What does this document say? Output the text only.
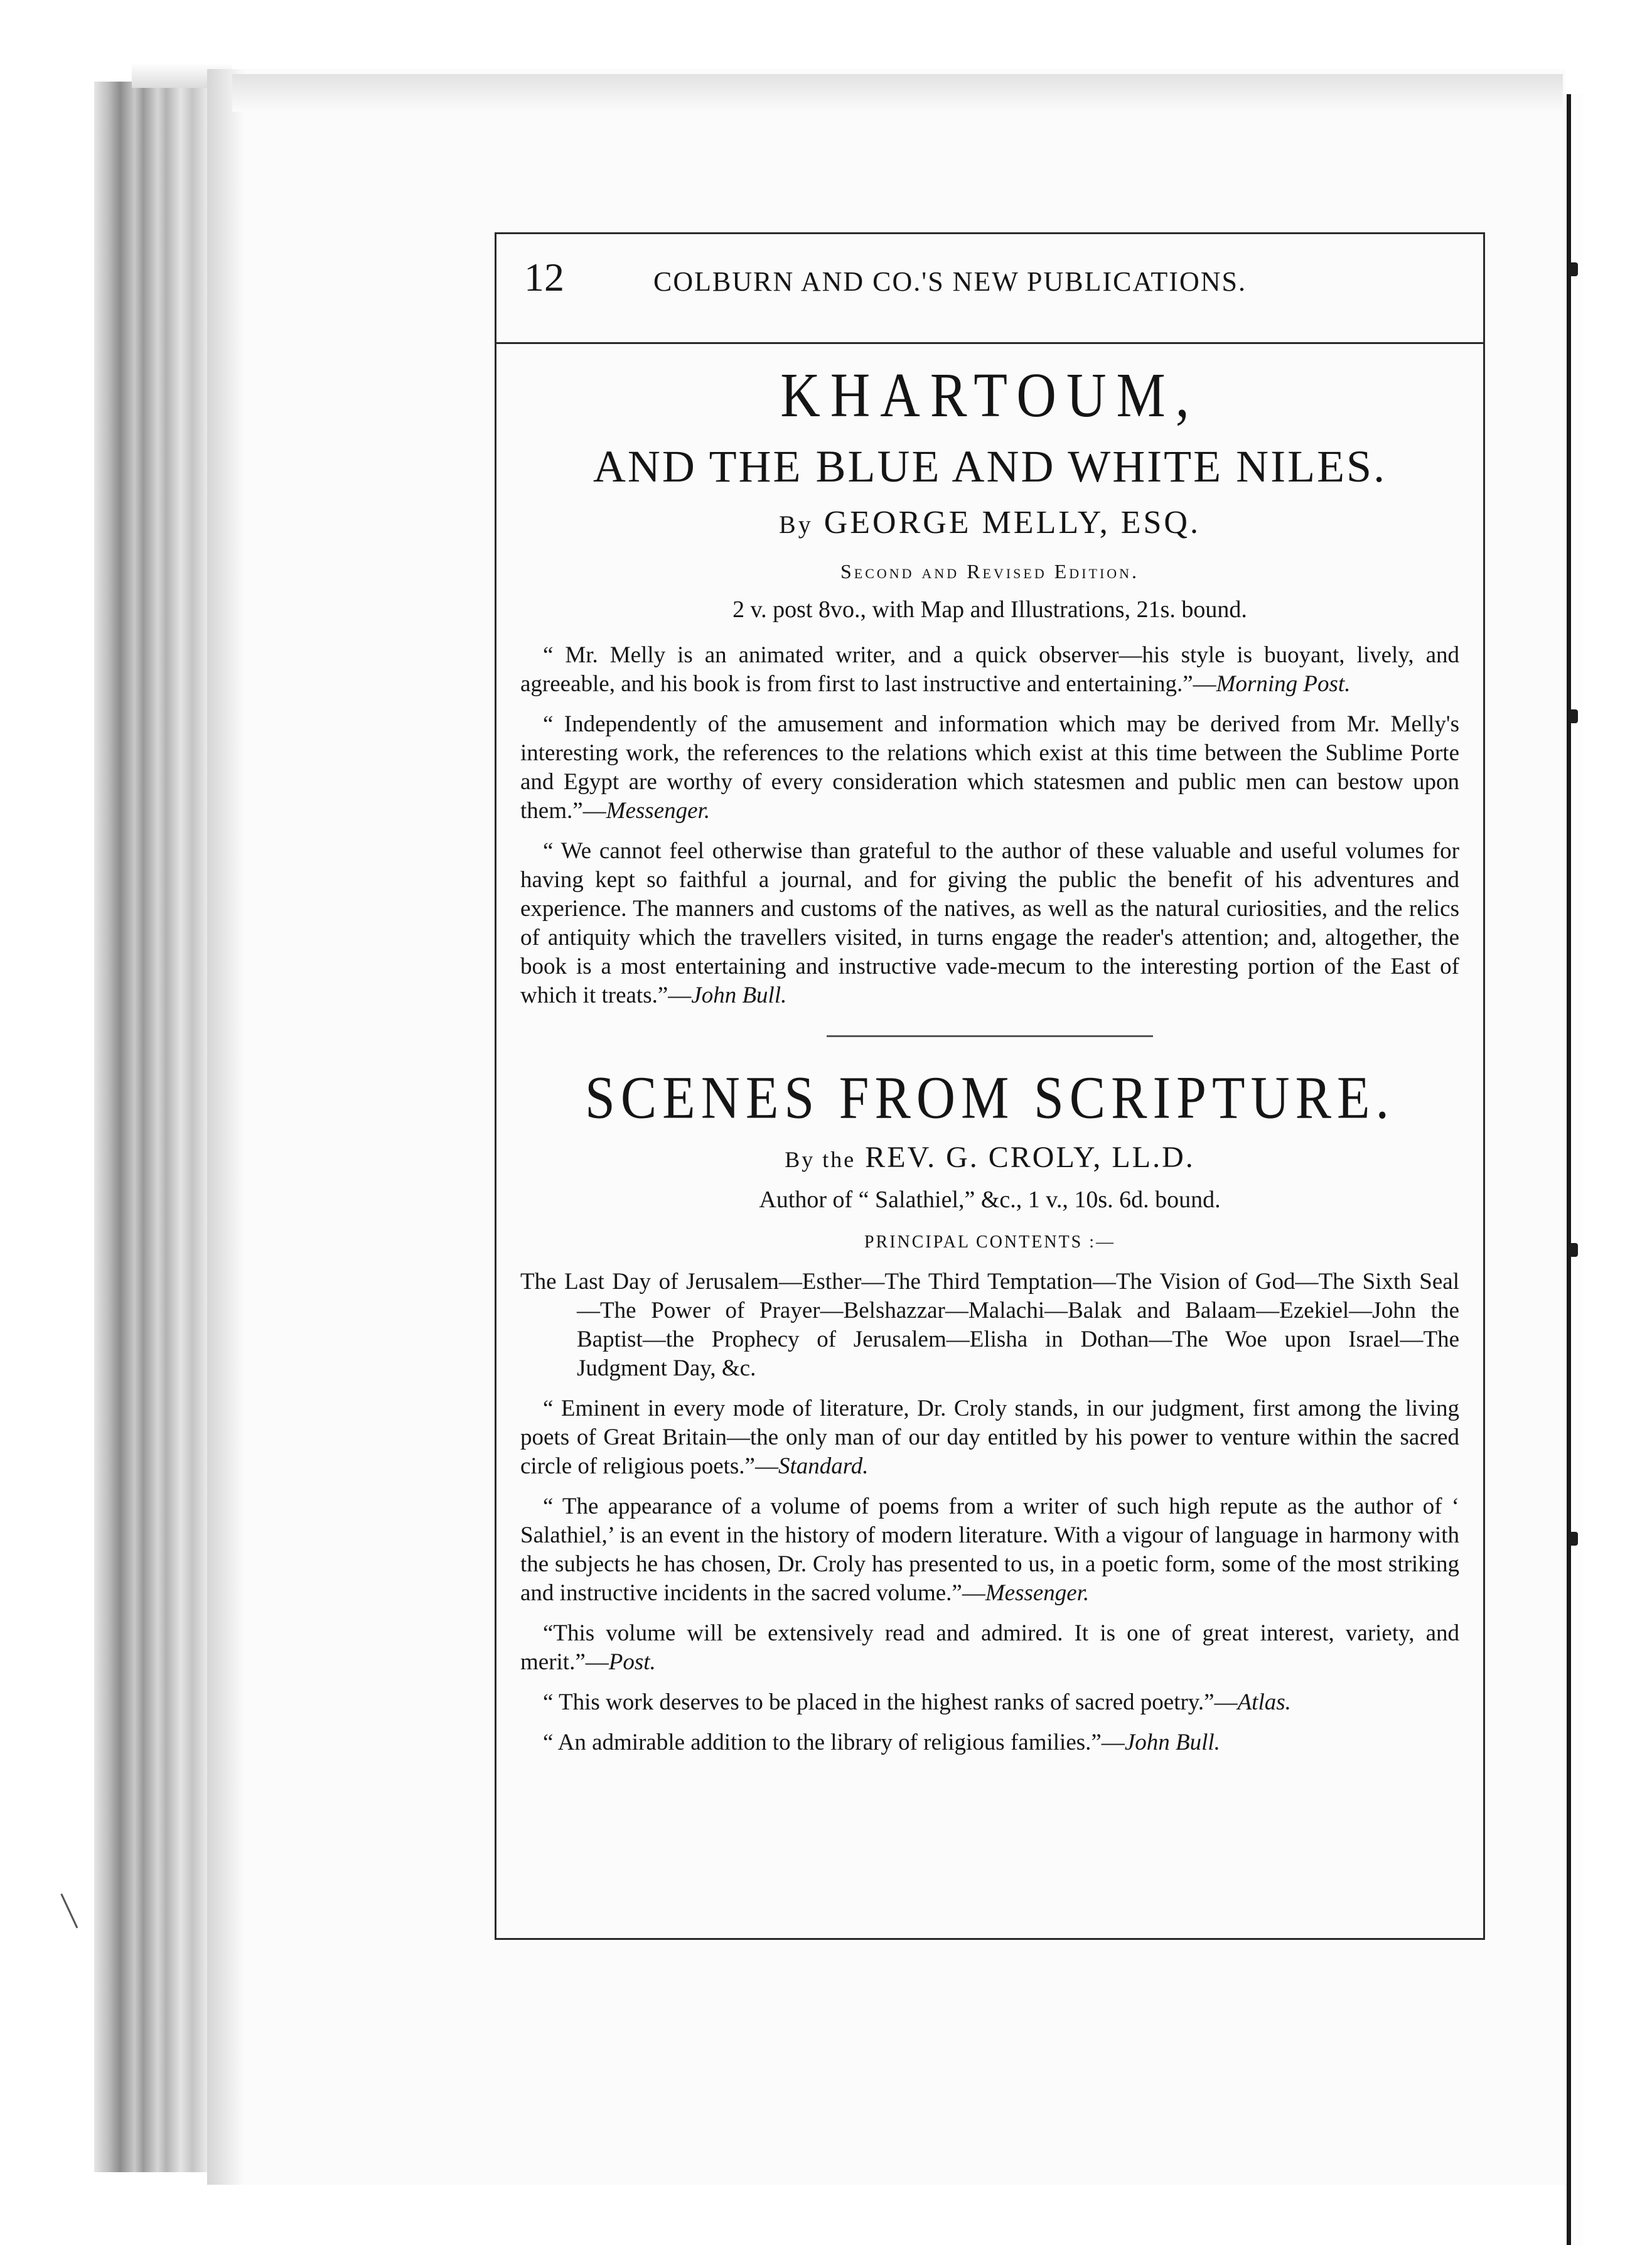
12	COLBURN AND CO.'S NEW PUBLICATIONS.
KHARTOUM,
AND THE BLUE AND WHITE NILES.
By GEORGE MELLY, ESQ.
Second and Revised Edition.
2 v. post 8vo., with Map and Illustrations, 21s. bound.

“ Mr. Melly is an animated writer, and a quick observer—his style is buoyant, lively, and agreeable, and his book is from first to last instructive and entertaining.”—Morning Post.

“ Independently of the amusement and information which may be derived from Mr. Melly's interesting work, the references to the relations which exist at this time between the Sublime Porte and Egypt are worthy of every consideration which statesmen and public men can bestow upon them.”—Messenger.

“ We cannot feel otherwise than grateful to the author of these valuable and useful volumes for having kept so faithful a journal, and for giving the public the benefit of his adventures and experience. The manners and customs of the natives, as well as the natural curiosities, and the relics of antiquity which the travellers visited, in turns engage the reader's attention; and, altogether, the book is a most entertaining and instructive vade-mecum to the interesting portion of the East of which it treats.”—John Bull.

SCENES FROM SCRIPTURE.
By the REV. G. CROLY, LL.D.
Author of “ Salathiel,” &c., 1 v., 10s. 6d. bound.
PRINCIPAL CONTENTS :—
The Last Day of Jerusalem—Esther—The Third Temptation—The Vision of God—The Sixth Seal—The Power of Prayer—Belshazzar—Malachi—Balak and Balaam—Ezekiel—John the Baptist—the Prophecy of Jerusalem—Elisha in Dothan—The Woe upon Israel—The Judgment Day, &c.

“ Eminent in every mode of literature, Dr. Croly stands, in our judgment, first among the living poets of Great Britain—the only man of our day entitled by his power to venture within the sacred circle of religious poets.”—Standard.

“ The appearance of a volume of poems from a writer of such high repute as the author of ‘ Salathiel,’ is an event in the history of modern literature. With a vigour of language in harmony with the subjects he has chosen, Dr. Croly has presented to us, in a poetic form, some of the most striking and instructive incidents in the sacred volume.”—Messenger.

“This volume will be extensively read and admired. It is one of great interest, variety, and merit.”—Post.

“ This work deserves to be placed in the highest ranks of sacred poetry.”—Atlas.

“ An admirable addition to the library of religious families.”—John Bull.
